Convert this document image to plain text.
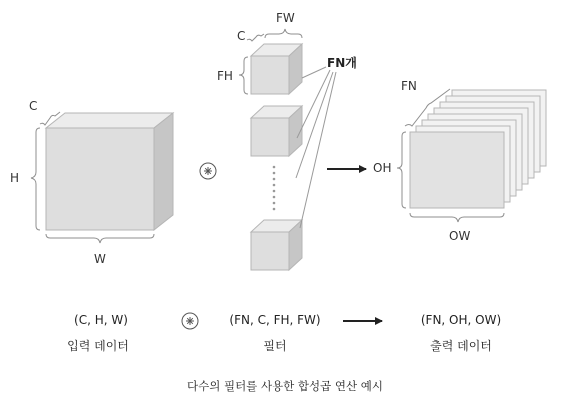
C
H
W
FW
C
FH
FN개
FN
OH
OW
(C, H, W)
입력 데이터
(FN, C, FH, FW)
필터
(FN, OH, OW)
출력 데이터
다수의 필터를 사용한 합성곱 연산 예시
